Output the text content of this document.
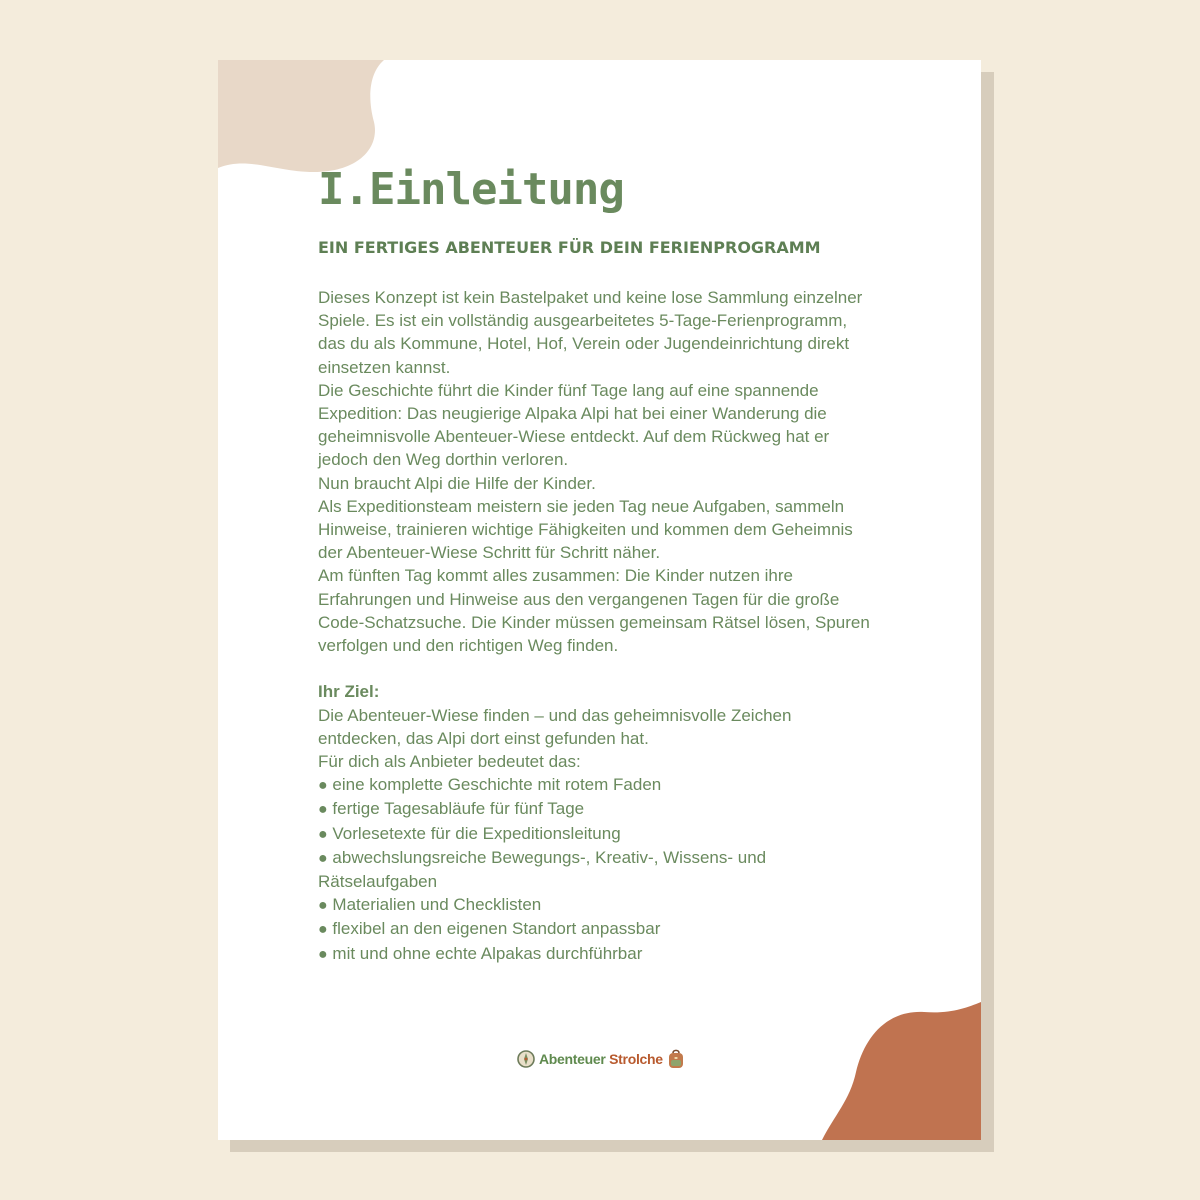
I.Einleitung
EIN FERTIGES ABENTEUER FÜR DEIN FERIENPROGRAMM
Dieses Konzept ist kein Bastelpaket und keine lose Sammlung einzelner
Spiele. Es ist ein vollständig ausgearbeitetes 5-Tage-Ferienprogramm,
das du als Kommune, Hotel, Hof, Verein oder Jugendeinrichtung direkt
einsetzen kannst.
Die Geschichte führt die Kinder fünf Tage lang auf eine spannende
Expedition: Das neugierige Alpaka Alpi hat bei einer Wanderung die
geheimnisvolle Abenteuer-Wiese entdeckt. Auf dem Rückweg hat er
jedoch den Weg dorthin verloren.
Nun braucht Alpi die Hilfe der Kinder.
Als Expeditionsteam meistern sie jeden Tag neue Aufgaben, sammeln
Hinweise, trainieren wichtige Fähigkeiten und kommen dem Geheimnis
der Abenteuer-Wiese Schritt für Schritt näher.
Am fünften Tag kommt alles zusammen: Die Kinder nutzen ihre
Erfahrungen und Hinweise aus den vergangenen Tagen für die große
Code-Schatzsuche. Die Kinder müssen gemeinsam Rätsel lösen, Spuren
verfolgen und den richtigen Weg finden.
Ihr Ziel:
Die Abenteuer-Wiese finden – und das geheimnisvolle Zeichen
entdecken, das Alpi dort einst gefunden hat.
Für dich als Anbieter bedeutet das:
● eine komplette Geschichte mit rotem Faden
● fertige Tagesabläufe für fünf Tage
● Vorlesetexte für die Expeditionsleitung
● abwechslungsreiche Bewegungs-, Kreativ-, Wissens- und
Rätselaufgaben
● Materialien und Checklisten
● flexibel an den eigenen Standort anpassbar
● mit und ohne echte Alpakas durchführbar
Abenteuer Strolche
